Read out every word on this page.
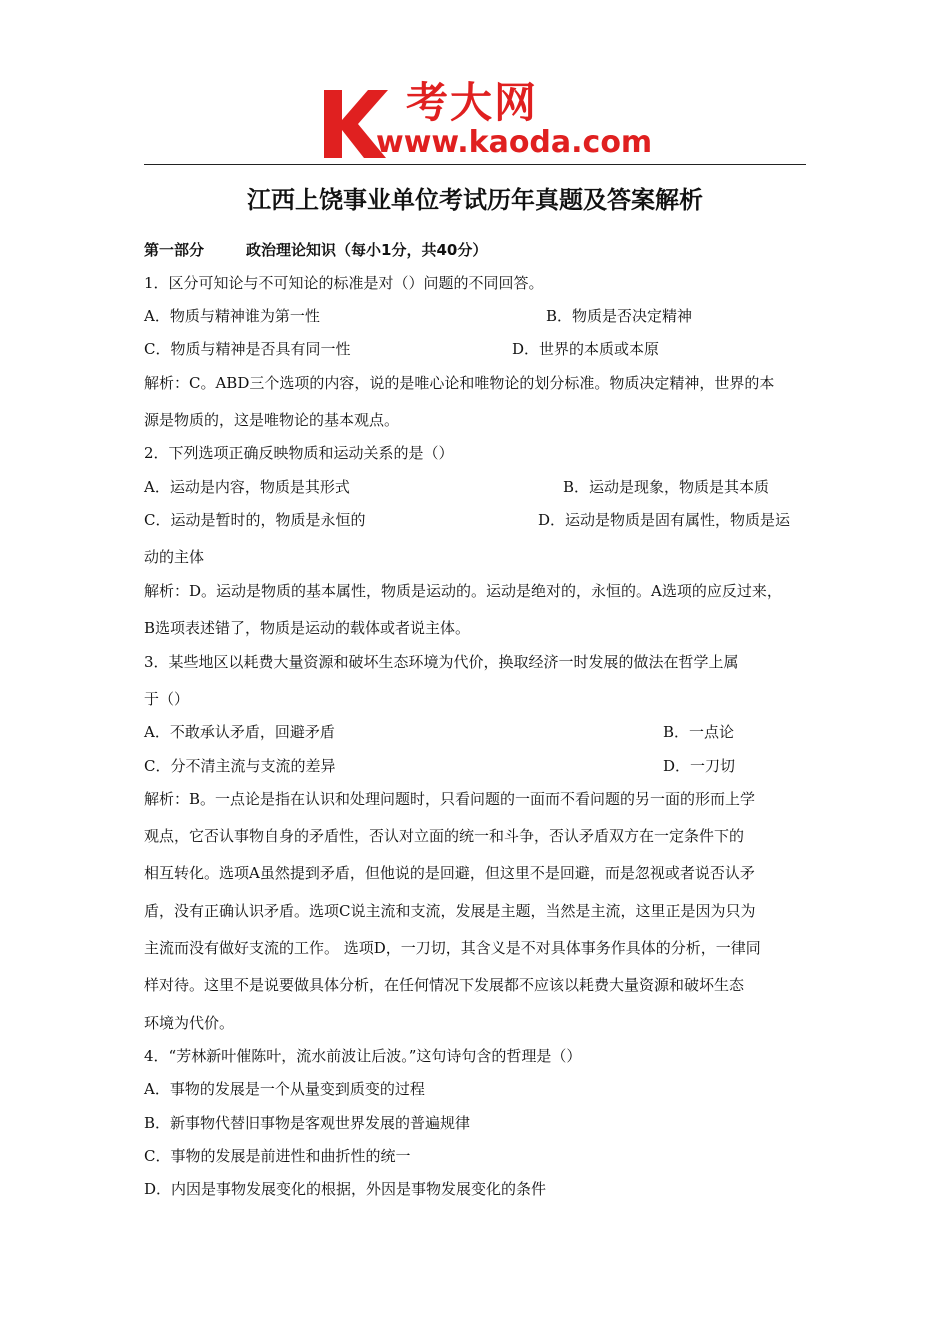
考大网
www.kaoda.com
江西上饶事业单位考试历年真题及答案解析
第一部分	政治理论知识（每小1分，共40分）
1．区分可知论与不可知论的标准是对（）问题的不同回答。
A．物质与精神谁为第一性	B．物质是否决定精神
C．物质与精神是否具有同一性	D．世界的本质或本原
解析：C。ABD三个选项的内容，说的是唯心论和唯物论的划分标准。物质决定精神，世界的本
源是物质的，这是唯物论的基本观点。
2．下列选项正确反映物质和运动关系的是（）
A．运动是内容，物质是其形式	B．运动是现象，物质是其本质
C．运动是暂时的，物质是永恒的	D．运动是物质是固有属性，物质是运
动的主体
解析：D。运动是物质的基本属性，物质是运动的。运动是绝对的，永恒的。A选项的应反过来，
B选项表述错了，物质是运动的载体或者说主体。
3．某些地区以耗费大量资源和破坏生态环境为代价，换取经济一时发展的做法在哲学上属
于（）
A．不敢承认矛盾，回避矛盾	B．一点论
C．分不清主流与支流的差异	D．一刀切
解析：B。一点论是指在认识和处理问题时，只看问题的一面而不看问题的另一面的形而上学
观点，它否认事物自身的矛盾性，否认对立面的统一和斗争，否认矛盾双方在一定条件下的
相互转化。选项A虽然提到矛盾，但他说的是回避，但这里不是回避，而是忽视或者说否认矛
盾，没有正确认识矛盾。选项C说主流和支流，发展是主题，当然是主流，这里正是因为只为
主流而没有做好支流的工作。 选项D，一刀切，其含义是不对具体事务作具体的分析，一律同
样对待。这里不是说要做具体分析，在任何情况下发展都不应该以耗费大量资源和破坏生态
环境为代价。
4．“芳林新叶催陈叶，流水前波让后波。”这句诗句含的哲理是（）
A．事物的发展是一个从量变到质变的过程
B．新事物代替旧事物是客观世界发展的普遍规律
C．事物的发展是前进性和曲折性的统一
D．内因是事物发展变化的根据，外因是事物发展变化的条件
